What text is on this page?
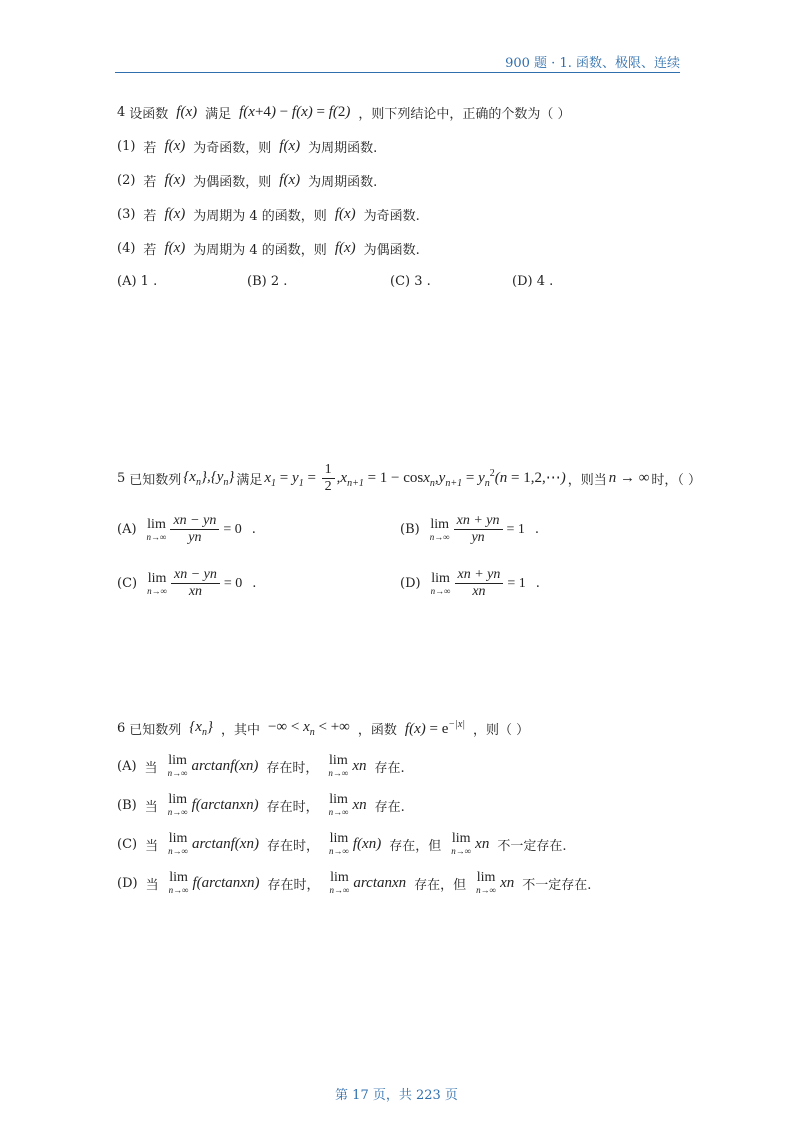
900 题 · 1. 函数、极限、连续
4 设函数 f(x) 满足 f(x+4) − f(x) = f(2) ，则下列结论中，正确的个数为（ ）
(1) 若 f(x) 为奇函数，则 f(x) 为周期函数.
(2) 若 f(x) 为偶函数，则 f(x) 为周期函数.
(3) 若 f(x) 为周期为 4 的函数，则 f(x) 为奇函数.
(4) 若 f(x) 为周期为 4 的函数，则 f(x) 为偶函数.
(A) 1 .	(B) 2 .	(C) 3 .	(D) 4 .
5 已知数列 $\{x_n\},\{y_n\}$ 满足 $x_1 = y_1 = \frac{1}{2} ,x_{n+1} = 1 - \cos x_n,y_{n+1} = y_n^2(n$ = 1,2,⋯) ，则当 n → ∞ 时，（ ）
(A) lim
$n\to\infty \frac{xn - yn}{yn} = 0$ .	(B) lim
$n\to\infty \frac{xn + yn}{yn} = 1$ .
(C) lim
$n\to\infty \frac{xn - yn}{xn} = 0$ .	(D) lim
$n\to\infty \frac{xn + yn}{xn} = 1$ .
6 已知数列 $\{x_n\}$ ，其中 −∞ < $x_n$ < +∞ ，函数 $f(x) = e^{-|x|}$ ，则（ ）
(A) 当 lim
n→∞ arctanf(xn) 存在时， lim
n→∞ xn 存在.
(B) 当 lim
n→∞ f(arctanxn) 存在时， lim
n→∞ xn 存在.
(C) 当 lim
n→∞ arctanf(xn) 存在时， lim
n→∞ f(xn) 存在，但 lim
n→∞ xn 不一定存在.
(D) 当 lim
n→∞ f(arctanxn) 存在时， lim
n→∞ arctanxn 存在，但 lim
n→∞ xn 不一定存在.
第 17 页，共 223 页
